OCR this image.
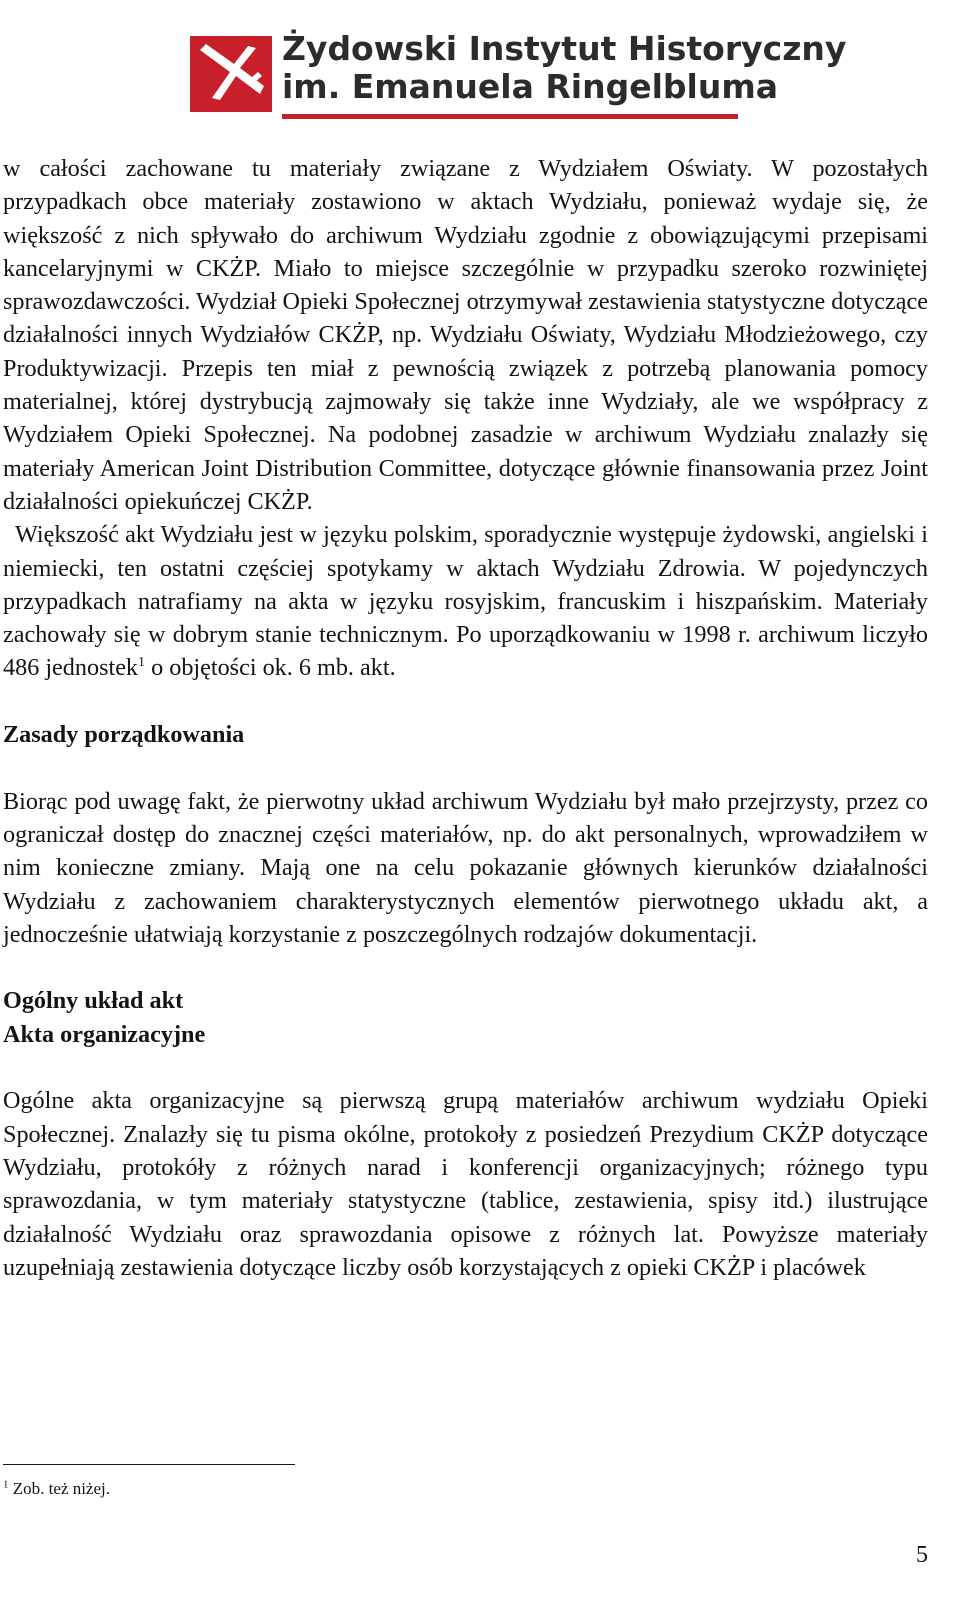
Żydowski Instytut Historyczny
im. Emanuela Ringelbluma

w całości zachowane tu materiały związane z Wydziałem Oświaty. W pozostałych przypadkach obce materiały zostawiono w aktach Wydziału, ponieważ wydaje się, że większość z nich spływało do archiwum Wydziału zgodnie z obowiązującymi przepisami kancelaryjnymi w CKŻP. Miało to miejsce szczególnie w przypadku szeroko rozwiniętej sprawozdawczości. Wydział Opieki Społecznej otrzymywał zestawienia statystyczne dotyczące działalności innych Wydziałów CKŻP, np. Wydziału Oświaty, Wydziału Młodzieżowego, czy Produktywizacji. Przepis ten miał z pewnością związek z potrzebą planowania pomocy materialnej, której dystrybucją zajmowały się także inne Wydziały, ale we współpracy z Wydziałem Opieki Społecznej. Na podobnej zasadzie w archiwum Wydziału znalazły się materiały American Joint Distribution Committee, dotyczące głównie finansowania przez Joint działalności opiekuńczej CKŻP.

Większość akt Wydziału jest w języku polskim, sporadycznie występuje żydowski, angielski i niemiecki, ten ostatni częściej spotykamy w aktach Wydziału Zdrowia. W pojedynczych przypadkach natrafiamy na akta w języku rosyjskim, francuskim i hiszpańskim. Materiały zachowały się w dobrym stanie technicznym. Po uporządkowaniu w 1998 r. archiwum liczyło 486 jednostek$^1$ o objętości ok. 6 mb. akt.

Zasady porządkowania

Biorąc pod uwagę fakt, że pierwotny układ archiwum Wydziału był mało przejrzysty, przez co ograniczał dostęp do znacznej części materiałów, np. do akt personalnych, wprowadziłem w nim konieczne zmiany. Mają one na celu pokazanie głównych kierunków działalności Wydziału z zachowaniem charakterystycznych elementów pierwotnego układu akt, a jednocześnie ułatwiają korzystanie z poszczególnych rodzajów dokumentacji.

Ogólny układ akt
Akta organizacyjne

Ogólne akta organizacyjne są pierwszą grupą materiałów archiwum wydziału Opieki Społecznej. Znalazły się tu pisma okólne, protokoły z posiedzeń Prezydium CKŻP dotyczące Wydziału, protokóły z różnych narad i konferencji organizacyjnych; różnego typu sprawozdania, w tym materiały statystyczne (tablice, zestawienia, spisy itd.) ilustrujące działalność Wydziału oraz sprawozdania opisowe z różnych lat. Powyższe materiały uzupełniają zestawienia dotyczące liczby osób korzystających z opieki CKŻP i placówek

$^1$ Zob. też niżej.
5
